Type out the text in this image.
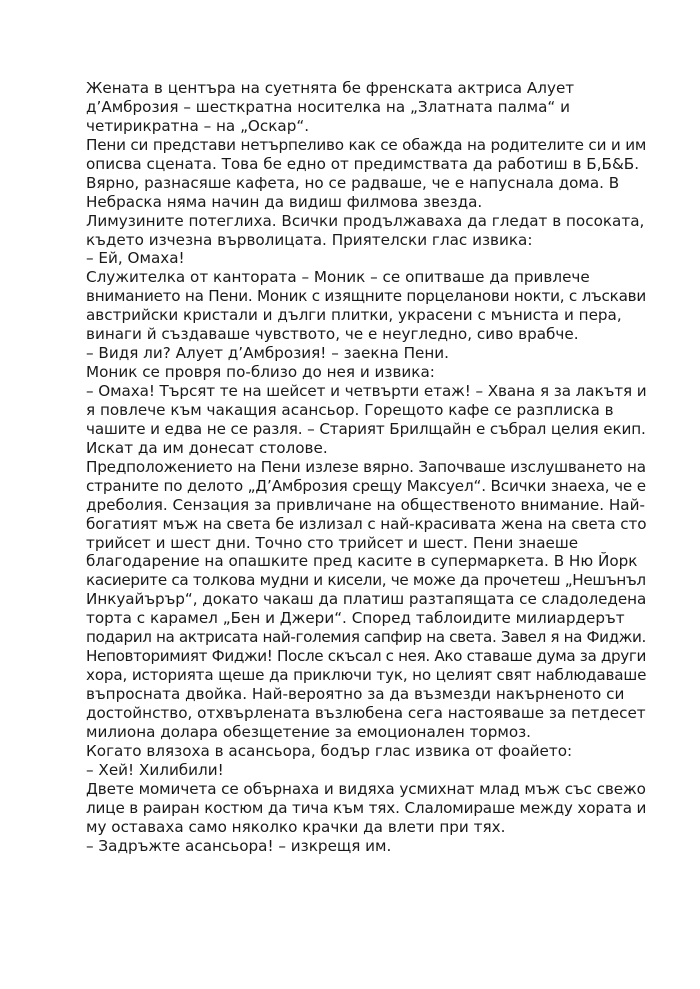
Жената в центъра на суетнята бе френската актриса Алует
д’Амброзия – шесткратна носителка на „Златната палма“ и
четирикратна – на „Оскар“.
Пени си представи нетърпеливо как се обажда на родителите си и им
описва сцената. Това бе едно от предимствата да работиш в Б,Б&Б.
Вярно, разнасяше кафета, но се радваше, че е напуснала дома. В
Небраска няма начин да видиш филмова звезда.
Лимузините потеглиха. Всички продължаваха да гледат в посоката,
където изчезна върволицата. Приятелски глас извика:
– Ей, Омаха!
Служителка от кантората – Моник – се опитваше да привлече
вниманието на Пени. Моник с изящните порцеланови нокти, с лъскави
австрийски кристали и дълги плитки, украсени с мъниста и пера,
винаги й създаваше чувството, че е неугледно, сиво врабче.
– Видя ли? Алует д’Амброзия! – заекна Пени.
Моник се провря по-близо до нея и извика:
– Омаха! Търсят те на шейсет и четвърти етаж! – Хвана я за лакътя и
я повлече към чакащия асансьор. Горещото кафе се разплиска в
чашите и едва не се разля. – Старият Брилщайн е събрал целия екип.
Искат да им донесат столове.
Предположението на Пени излезе вярно. Започваше изслушването на
страните по делото „Д’Амброзия срещу Максуел“. Всички знаеха, че е
дреболия. Сензация за привличане на общественото внимание. Най-
богатият мъж на света бе излизал с най-красивата жена на света сто
трийсет и шест дни. Точно сто трийсет и шест. Пени знаеше
благодарение на опашките пред касите в супермаркета. В Ню Йорк
касиерите са толкова мудни и кисели, че може да прочетеш „Нешънъл
Инкуайърър“, докато чакаш да платиш разтапящата се сладоледена
торта с карамел „Бен и Джери“. Според таблоидите милиардерът
подарил на актрисата най-големия сапфир на света. Завел я на Фиджи.
Неповторимият Фиджи! После скъсал с нея. Ако ставаше дума за други
хора, историята щеше да приключи тук, но целият свят наблюдаваше
въпросната двойка. Най-вероятно за да възмезди накърненото си
достойнство, отхвърлената възлюбена сега настояваше за петдесет
милиона долара обезщетение за емоционален тормоз.
Когато влязоха в асансьора, бодър глас извика от фоайето:
– Хей! Хилибили!
Двете момичета се обърнаха и видяха усмихнат млад мъж със свежо
лице в раиран костюм да тича към тях. Слаломираше между хората и
му оставаха само няколко крачки да влети при тях.
– Задръжте асансьора! – изкрещя им.
